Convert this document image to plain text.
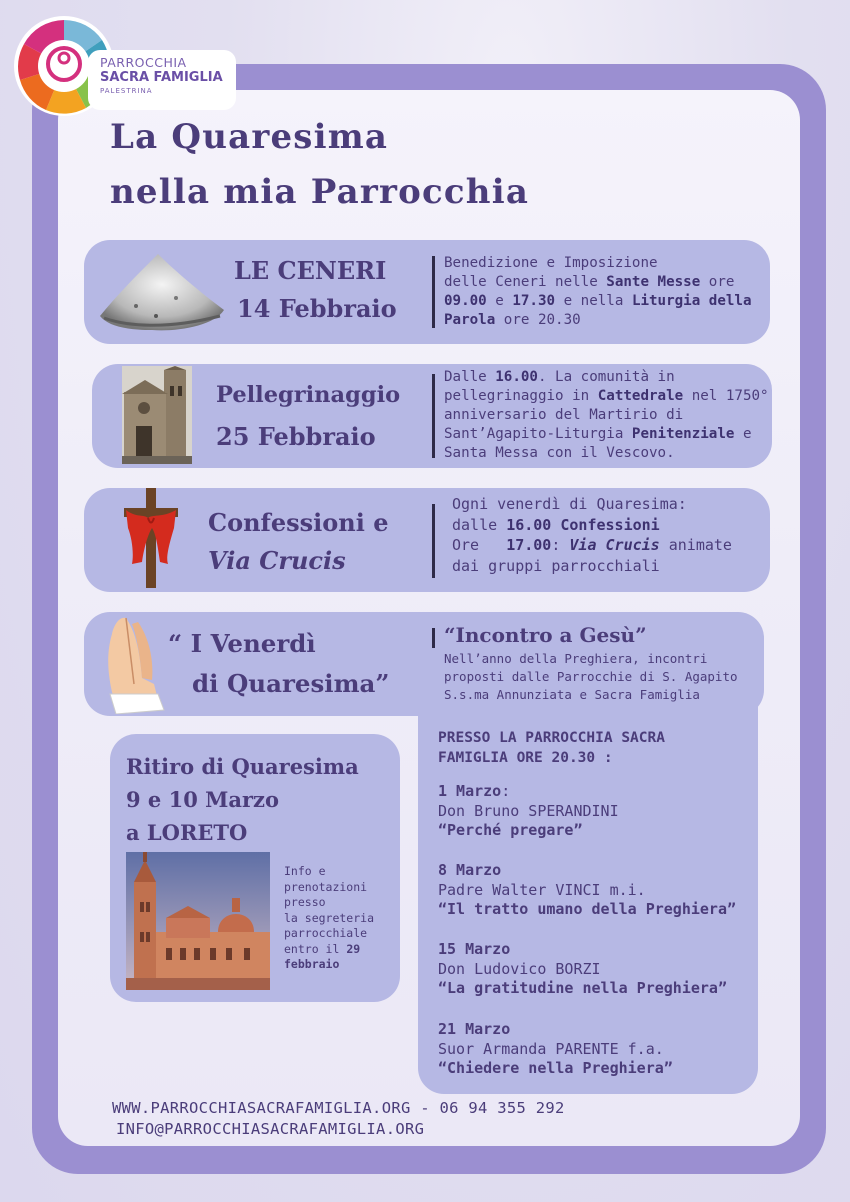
PARROCCHIA
SACRA FAMIGLIA
PALESTRINA
La Quaresima
nella mia Parrocchia
LE CENERI
14 Febbraio
Benedizione e Imposizione
delle Ceneri nelle Sante Messe ore
09.00 e 17.30 e nella Liturgia della
Parola ore 20.30
Pellegrinaggio
25 Febbraio
Dalle 16.00. La comunità in
pellegrinaggio in Cattedrale nel 1750°
anniversario del Martirio di
Sant’Agapito-Liturgia Penitenziale e
Santa Messa con il Vescovo.
Confessioni e
Via Crucis
Ogni venerdì di Quaresima:
dalle 16.00 Confessioni
Ore   17.00: Via Crucis animate
dai gruppi parrocchiali
“ I Venerdì
di Quaresima”
“Incontro a Gesù”
Nell’anno della Preghiera, incontri
proposti dalle Parrocchie di S. Agapito
S.s.ma Annunziata e Sacra Famiglia
PRESSO LA PARROCCHIA SACRA
FAMIGLIA ORE 20.30 :
1 Marzo:
Don Bruno SPERANDINI
“Perché pregare”
8 Marzo
Padre Walter VINCI m.i.
“Il tratto umano della Preghiera”
15 Marzo
Don Ludovico BORZI
“La gratitudine nella Preghiera”
21 Marzo
Suor Armanda PARENTE f.a.
“Chiedere nella Preghiera”
Ritiro di Quaresima
9 e 10 Marzo
a LORETO
Info e
prenotazioni
presso
la segreteria
parrocchiale
entro il 29
febbraio
WWW.PARROCCHIASACRAFAMIGLIA.ORG - 06 94 355 292
INFO@PARROCCHIASACRAFAMIGLIA.ORG
